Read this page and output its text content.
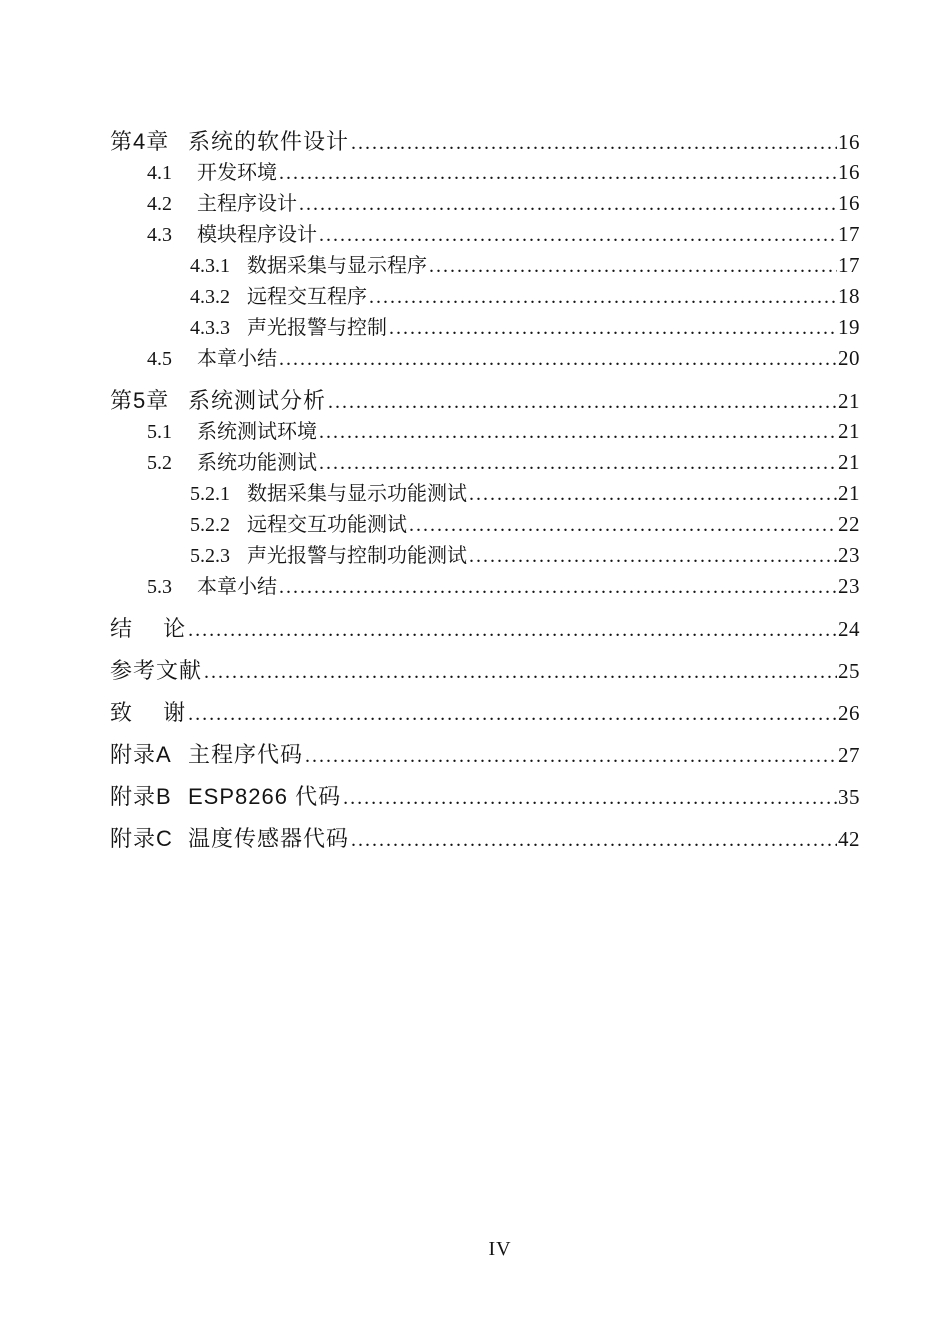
第4章 系统的软件设计 .....	16
4.1	开发环境 .....	16
4.2	主程序设计 .....	16
4.3	模块程序设计 .....	17
4.3.1 数据采集与显示程序 .....	17
4.3.2 远程交互程序 .....	18
4.3.3 声光报警与控制 .....	19
4.5	本章小结 .....	20
第5章 系统测试分析 .....	21
5.1	系统测试环境 .....	21
5.2	系统功能测试 .....	21
5.2.1 数据采集与显示功能测试 .....	21
5.2.2 远程交互功能测试 .....	22
5.2.3 声光报警与控制功能测试 .....	23
5.3	本章小结 .....	23
结　 论 .....	24
参考文献 .....	25
致　 谢 .....	26
附录A 主程序代码 .....	27
附录B ESP8266 代码 .....	35
附录C 温度传感器代码 .....	42
IV
